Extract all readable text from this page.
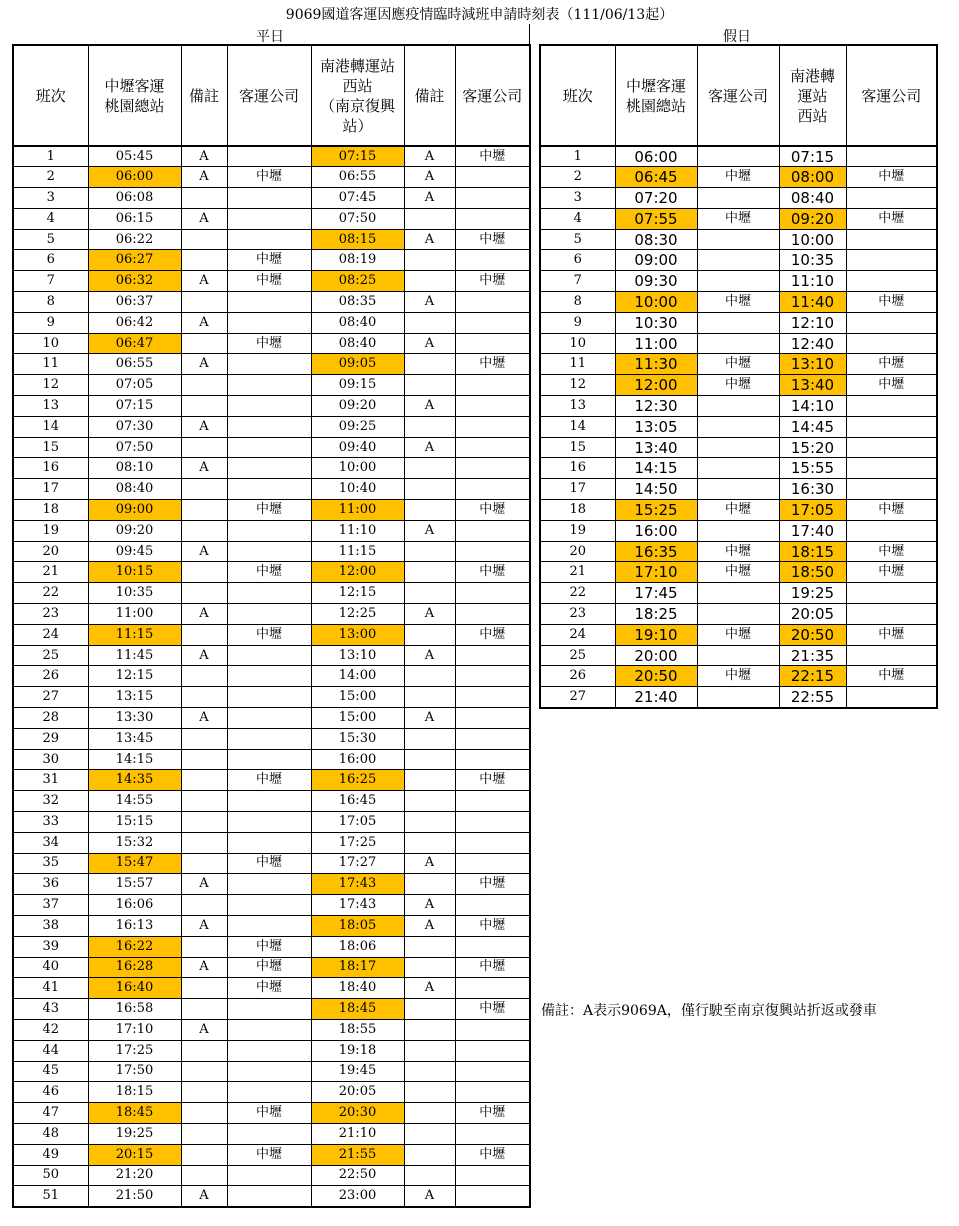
9069國道客運因應疫情臨時減班申請時刻表（111/06/13起）
平日	假日
班次	中壢客運
桃園總站	備註	客運公司	南港轉運站
西站
（南京復興
站）	備註	客運公司
1	05:45	A		07:15	A	中壢
2	06:00	A	中壢	06:55	A	
3	06:08			07:45	A	
4	06:15	A		07:50		
5	06:22			08:15	A	中壢
6	06:27		中壢	08:19		
7	06:32	A	中壢	08:25		中壢
8	06:37			08:35	A	
9	06:42	A		08:40		
10	06:47		中壢	08:40	A	
11	06:55	A		09:05		中壢
12	07:05			09:15		
13	07:15			09:20	A	
14	07:30	A		09:25		
15	07:50			09:40	A	
16	08:10	A		10:00		
17	08:40			10:40		
18	09:00		中壢	11:00		中壢
19	09:20			11:10	A	
20	09:45	A		11:15		
21	10:15		中壢	12:00		中壢
22	10:35			12:15		
23	11:00	A		12:25	A	
24	11:15		中壢	13:00		中壢
25	11:45	A		13:10	A	
26	12:15			14:00		
27	13:15			15:00		
28	13:30	A		15:00	A	
29	13:45			15:30		
30	14:15			16:00		
31	14:35		中壢	16:25		中壢
32	14:55			16:45		
33	15:15			17:05		
34	15:32			17:25		
35	15:47		中壢	17:27	A	
36	15:57	A		17:43		中壢
37	16:06			17:43	A	
38	16:13	A		18:05	A	中壢
39	16:22		中壢	18:06		
40	16:28	A	中壢	18:17		中壢
41	16:40		中壢	18:40	A	
43	16:58			18:45		中壢
42	17:10	A		18:55		
44	17:25			19:18		
45	17:50			19:45		
46	18:15			20:05		
47	18:45		中壢	20:30		中壢
48	19:25			21:10		
49	20:15		中壢	21:55		中壢
50	21:20			22:50		
51	21:50	A		23:00	A	
班次	中壢客運
桃園總站	客運公司	南港轉
運站
西站	客運公司
1	06:00		07:15	
2	06:45	中壢	08:00	中壢
3	07:20		08:40	
4	07:55	中壢	09:20	中壢
5	08:30		10:00	
6	09:00		10:35	
7	09:30		11:10	
8	10:00	中壢	11:40	中壢
9	10:30		12:10	
10	11:00		12:40	
11	11:30	中壢	13:10	中壢
12	12:00	中壢	13:40	中壢
13	12:30		14:10	
14	13:05		14:45	
15	13:40		15:20	
16	14:15		15:55	
17	14:50		16:30	
18	15:25	中壢	17:05	中壢
19	16:00		17:40	
20	16:35	中壢	18:15	中壢
21	17:10	中壢	18:50	中壢
22	17:45		19:25	
23	18:25		20:05	
24	19:10	中壢	20:50	中壢
25	20:00		21:35	
26	20:50	中壢	22:15	中壢
27	21:40		22:55	
備註：A表示9069A，僅行駛至南京復興站折返或發車
